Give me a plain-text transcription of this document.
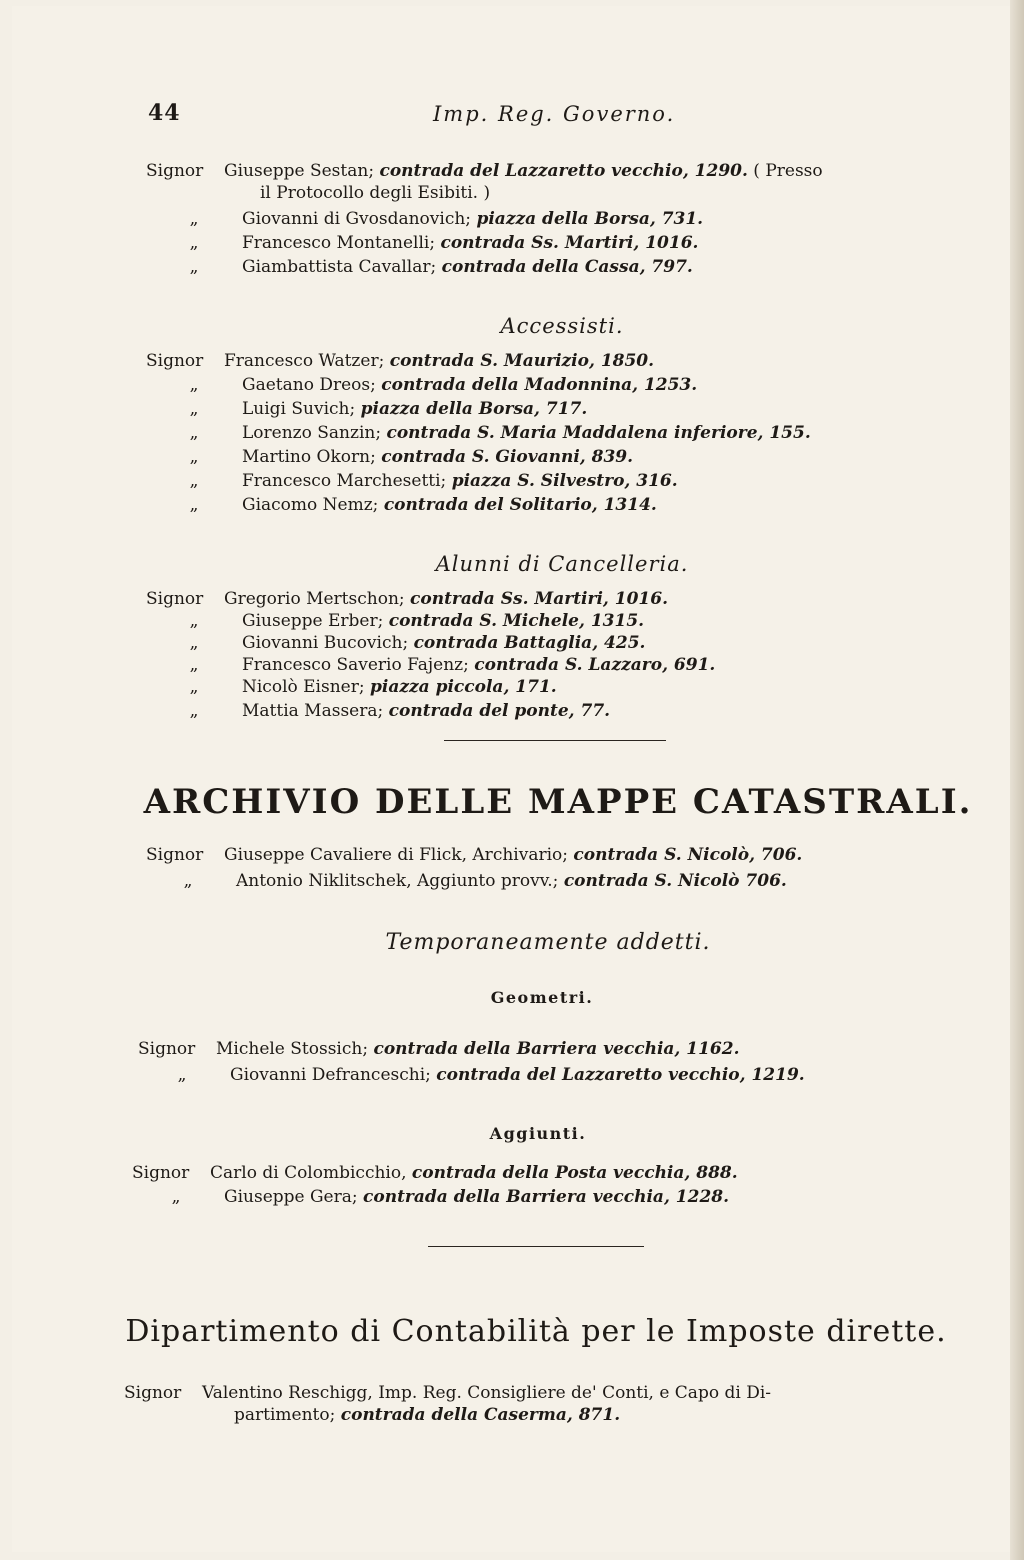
44	Imp. Reg. Governo.
Signor Giuseppe Sestan; contrada del Lazzaretto vecchio, 1290. ( Presso
il Protocollo degli Esibiti. )
„	Giovanni di Gvosdanovich; piazza della Borsa, 731.
„	Francesco Montanelli; contrada Ss. Martiri, 1016.
„	Giambattista Cavallar; contrada della Cassa, 797.
Accessisti.
Signor Francesco Watzer; contrada S. Maurizio, 1850.
„	Gaetano Dreos; contrada della Madonnina, 1253.
„	Luigi Suvich; piazza della Borsa, 717.
„	Lorenzo Sanzin; contrada S. Maria Maddalena inferiore, 155.
„	Martino Okorn; contrada S. Giovanni, 839.
„	Francesco Marchesetti; piazza S. Silvestro, 316.
„	Giacomo Nemz; contrada del Solitario, 1314.
Alunni di Cancelleria.
Signor Gregorio Mertschon; contrada Ss. Martiri, 1016.
„	Giuseppe Erber; contrada S. Michele, 1315.
„	Giovanni Bucovich; contrada Battaglia, 425.
„	Francesco Saverio Fajenz; contrada S. Lazzaro, 691.
„	Nicolò Eisner; piazza piccola, 171.
„	Mattia Massera; contrada del ponte, 77.
ARCHIVIO DELLE MAPPE CATASTRALI.
Signor Giuseppe Cavaliere di Flick, Archivario; contrada S. Nicolò, 706.
„	Antonio Niklitschek, Aggiunto provv.; contrada S. Nicolò 706.
Temporaneamente addetti.
Geometri.
Signor Michele Stossich; contrada della Barriera vecchia, 1162.
„	Giovanni Defranceschi; contrada del Lazzaretto vecchio, 1219.
Aggiunti.
Signor Carlo di Colombicchio, contrada della Posta vecchia, 888.
„	Giuseppe Gera; contrada della Barriera vecchia, 1228.
Dipartimento di Contabilità per le Imposte dirette.
Signor Valentino Reschigg, Imp. Reg. Consigliere de' Conti, e Capo di Di-
partimento; contrada della Caserma, 871.
